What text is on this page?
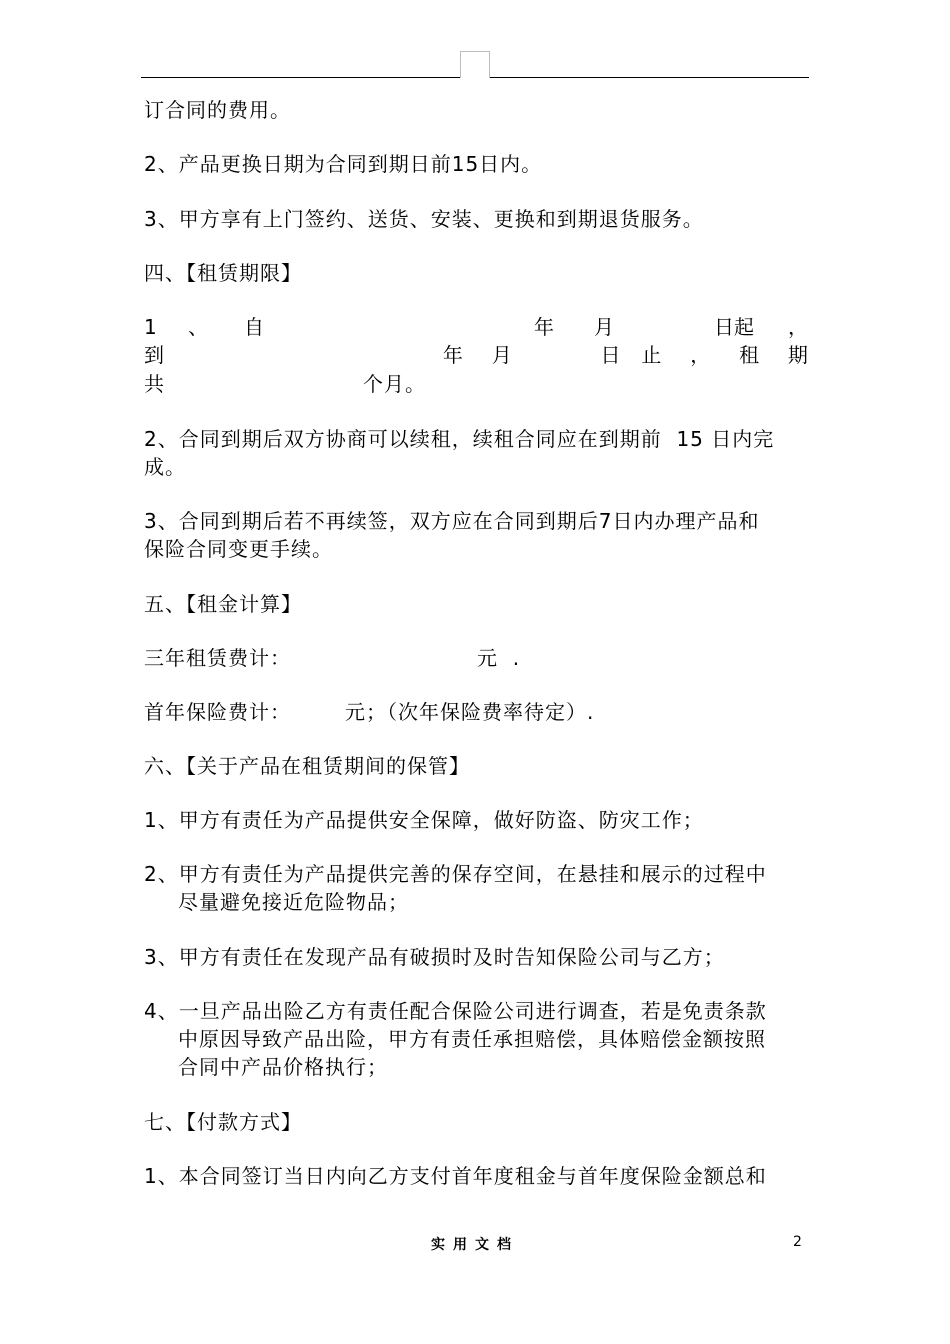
订合同的费用。
2、产品更换日期为合同到期日前15日内。
3、甲方享有上门签约、送货、安装、更换和到期退货服务。
四、【租赁期限】
1 、 自	年 月	日 起 ，
到	年 月	日 止 ， 租 期
共	个月。
2、合同到期后双方协商可以续租，续租合同应在到期前  15 日内完
成。
3、合同到期后若不再续签，双方应在合同到期后7日内办理产品和
保险合同变更手续。
五、【租金计算】
三年租赁费计：	元  .
首年保险费计：	元；（次年保险费率待定）.
六、【关于产品在租赁期间的保管】
1、甲方有责任为产品提供安全保障，做好防盗、防灾工作；
2、甲方有责任为产品提供完善的保存空间，在悬挂和展示的过程中
尽量避免接近危险物品；
3、甲方有责任在发现产品有破损时及时告知保险公司与乙方；
4、一旦产品出险乙方有责任配合保险公司进行调查，若是免责条款
中原因导致产品出险，甲方有责任承担赔偿，具体赔偿金额按照
合同中产品价格执行；
七、【付款方式】
1、本合同签订当日内向乙方支付首年度租金与首年度保险金额总和
实用文档	2
